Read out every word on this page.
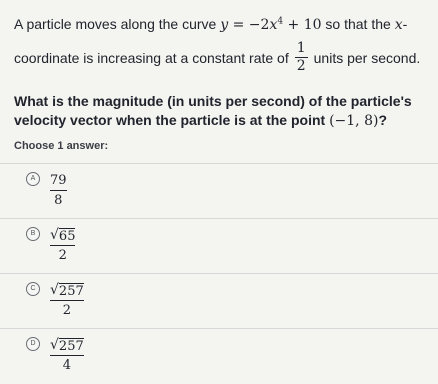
A particle moves along the curve $y = -2x^4 + 10$ so that the x-
coordinate is increasing at a constant rate of $\frac{1}{2}$ units per second.
What is the magnitude (in units per second) of the particle's velocity vector when the particle is at the point (−1, 8)?
Choose 1 answer:
A	79
8
B	√ 65
2
C	√ 257
2
D	√ 257
4
